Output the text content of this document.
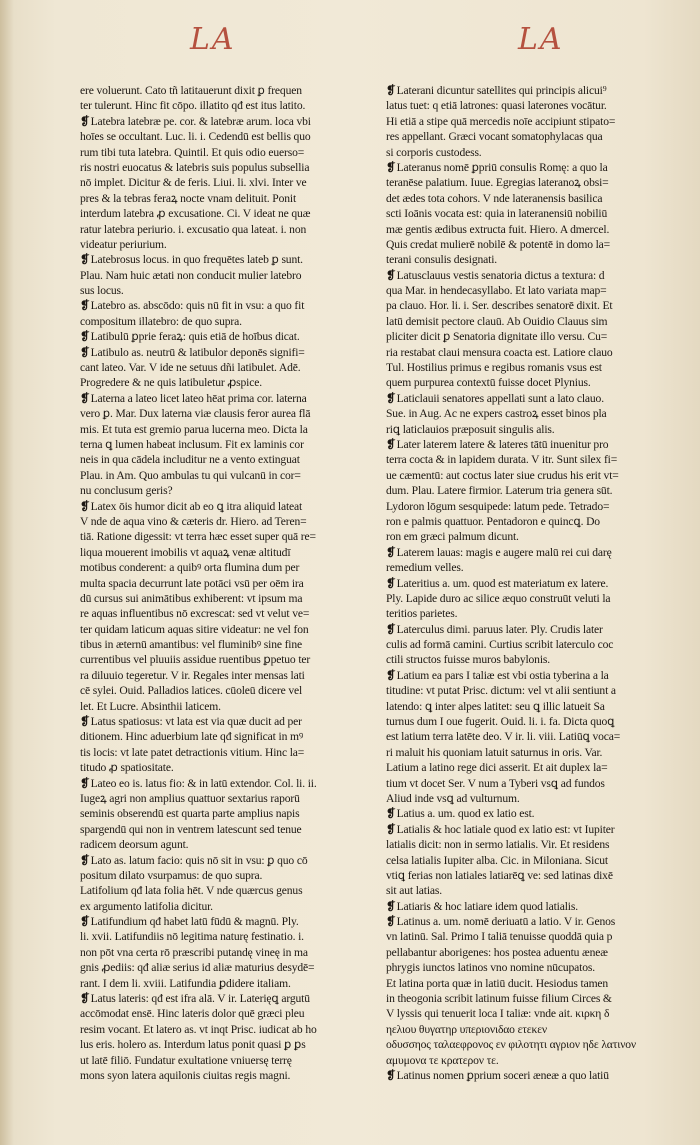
LA	LA
ere voluerunt. Cato tñ latitauerunt dixit ꝑ frequen
ter tulerunt. Hinc fit cōpo. illatito qđ est itus latito.
❡ Latebra latebræ pe. cor. & latebræ arum. loca vbi
hoīes se occultant. Luc. li. i. Cedendū est bellis quo
rum tibi tuta latebra. Quintil. Et quis odio euerso=
ris nostri euocatus & latebris suis populus subsellia
nō implet. Dicitur & de feris. Liui. li. xlvi. Inter ve
pres & la tebras feraꝝ nocte vnam delituit. Ponit
interdum latebra ꝓ excusatione. Ci. V ideat ne quæ
ratur latebra periurio. i. excusatio qua lateat. i. non
videatur periurium.
❡ Latebrosus locus. in quo frequētes lateb ꝑ sunt.
Plau. Nam huic ætati non conducit mulier latebro
sus locus.
❡ Latebro as. abscōdo: quis nū fit in vsu: a quo fit
compositum illatebro: de quo supra.
❡ Latibulū ꝑprie feraꝝ: quis etiā de hoībus dicat.
❡ Latibulo as. neutrū & latibulor deponēs signifi=
cant lateo. Var. V ide ne setuus dñi latibulet. Adē.
Progredere & ne quis latibuletur ꝓspice.
❡ Laterna a lateo licet lateo hēat prima cor. laterna
vero ꝑ. Mar. Dux laterna viæ clausis feror aurea flā
mis. Et tuta est gremio parua lucerna meo. Dicta la
terna ꝗ lumen habeat inclusum. Fit ex laminis cor
neis in qua cādela includitur ne a vento extinguat
Plau. in Am. Quo ambulas tu qui vulcanū in cor=
nu conclusum geris?
❡ Latex ōis humor dicit ab eo ꝗ itra aliquid lateat
V nde de aqua vino & cæteris dr. Hiero. ad Teren=
tiā. Ratione digessit: vt terra hæc esset super quā re=
liqua mouerent imobilis vt aquaꝝ venæ altitudī
motibus conderent: a quibꝰ orta flumina dum per
multa spacia decurrunt late potāci vsū per oēm ira
dū cursus sui animātibus exhiberent: vt ipsum ma
re aquas influentibus nō excrescat: sed vt velut ve=
ter quidam laticum aquas sitire videatur: ne vel fon
tibus in æternū amantibus: vel fluminibꝰ sine fine
currentibus vel pluuiis assidue ruentibus ꝑpetuo ter
ra diluuio tegeretur. V ir. Regales inter mensas lati
cē sylei. Ouid. Palladios latices. cūoleū dicere vel
let. Et Lucre. Absinthii laticem.
❡ Latus spatiosus: vt lata est via quæ ducit ad per
ditionem. Hinc aduerbium late qđ significat in mꝰ
tis locis: vt late patet detractionis vitium. Hinc la=
titudo ꝓ spatiositate.
❡ Lateo eo is. latus fio: & in latū extendor. Col. li. ii.
Iugeꝝ agri non amplius quattuor sextarius raporū
seminis obserendū est quarta parte amplius napis
spargendū qui non in ventrem latescunt sed tenue
radicem deorsum agunt.
❡ Lato as. latum facio: quis nō sit in vsu: ꝑ quo cō
positum dilato vsurpamus: de quo supra.
Latifolium qđ lata folia hēt. V nde quærcus genus
ex argumento latifolia dicitur.
❡ Latifundium qđ habet latū fūdū & magnū. Ply.
li. xvii. Latifundiis nō legitima naturę festinatio. i.
non pōt vna certa rō præscribi putandę vineę in ma
gnis ꝓediis: qđ aliæ serius id aliæ maturius desydē=
rant. I dem li. xviii. Latifundia ꝑdidere italiam.
❡ Latus lateris: qđ est ifra alā. V ir. Laterięꝗ argutū
accōmodat ensē. Hinc lateris dolor quē græci pleu
resim vocant. Et latero as. vt inqt Prisc. iudicat ab ho
lus eris. holero as. Interdum latus ponit quasi ꝑ ꝑs
ut latē filiō. Fundatur exultatione vniuersę terrę
mons syon latera aquilonis ciuitas regis magni.
❡ Laterani dicuntur satellites qui principis alicui⁹
latus tuet: q etiā latrones: quasi laterones vocātur.
Hi etiā a stipe quā mercedis noīe accipiunt stipato=
res appellant. Græci vocant somatophylacas qua
si corporis custodess.
❡ Lateranus nomē ꝑpriū consulis Romę: a quo la
teranēse palatium. Iuue. Egregias lateranoꝝ obsi=
det ædes tota cohors. V nde lateranensis basilica
scti Ioānis vocata est: quia in lateranensiū nobiliū
mæ gentis ædibus extructa fuit. Hiero. A dmercel.
Quis credat mulierē nobilē & potentē in domo la=
terani consulis designati.
❡ Latusclauus vestis senatoria dictus a textura: d
qua Mar. in hendecasyllabo. Et lato variata map=
pa clauo. Hor. li. i. Ser. describes senatorē dixit. Et
latū demisit pectore clauū. Ab Ouidio Clauus sim
pliciter dicit ꝑ Senatoria dignitate illo versu. Cu=
ria restabat claui mensura coacta est. Latiore clauo
Tul. Hostilius primus e regibus romanis vsus est
quem purpurea contextū fuisse docet Plynius.
❡ Laticlauii senatores appellati sunt a lato clauo.
Sue. in Aug. Ac ne expers castroꝝ esset binos pla
riꝗ laticlauios præposuit singulis alis.
❡ Later laterem latere & lateres tātū inuenitur pro
terra cocta & in lapidem durata. V itr. Sunt silex fi=
ue cæmentū: aut coctus later siue crudus his erit vt=
dum. Plau. Latere firmior. Laterum tria genera sūt.
Lydoron lōgum sesquipede: latum pede. Tetrado=
ron e palmis quattuor. Pentadoron e quincꝗ. Do
ron em græci palmum dicunt.
❡ Laterem lauas: magis e augere malū rei cui darę
remedium velles.
❡ Lateritius a. um. quod est materiatum ex latere.
Ply. Lapide duro ac silice æquo construūt veluti la
teritios parietes.
❡ Laterculus dimi. paruus later. Ply. Crudis later
culis ad formā camini. Curtius scribit laterculo coc
ctili structos fuisse muros babylonis.
❡ Latium ea pars I taliæ est vbi ostia tyberina a la
titudine: vt putat Prisc. dictum: vel vt alii sentiunt a
latendo: ꝗ inter alpes latitet: seu ꝗ illic latueit Sa
turnus dum I oue fugerit. Ouid. li. i. fa. Dicta quoꝗ
est latium terra latēte deo. V ir. li. viii. Latiūꝗ voca=
ri maluit his quoniam latuit saturnus in oris. Var.
Latium a latino rege dici asserit. Et ait duplex la=
tium vt docet Ser. V num a Tyberi vsꝗ ad fundos
Aliud inde vsꝗ ad vulturnum.
❡ Latius a. um. quod ex latio est.
❡ Latialis & hoc latiale quod ex latio est: vt Iupiter
latialis dicit: non in sermo latialis. Vir. Et residens
celsa latialis Iupiter alba. Cic. in Miloniana. Sicut
vtiꝗ ferias non latiales latiarēꝗ ve: sed latinas dixē
sit aut latias.
❡ Latiaris & hoc latiare idem quod latialis.
❡ Latinus a. um. nomē deriuatū a latio. V ir. Genos
vn latinū. Sal. Primo I taliā tenuisse quoddā quia p
pellabantur aborigenes: hos postea aduentu æneæ
phrygis iunctos latinos vno nomine nūcupatos.
Et latina porta quæ in latiū ducit. Hesiodus tamen
in theogonia scribit latinum fuisse filium Circes &
V lyssis qui tenuerit loca I taliæ: vnde ait. κιρκη δ
ηελιου θυγατηρ υπεριονιδαο ετεκεν
οδυσσηος ταλαεφρονος εν φιλοτητι αγριον ηδε λατινον
αμυμονα τε κρατερον τε.
❡ Latinus nomen ꝑprium soceri æneæ a quo latiū
